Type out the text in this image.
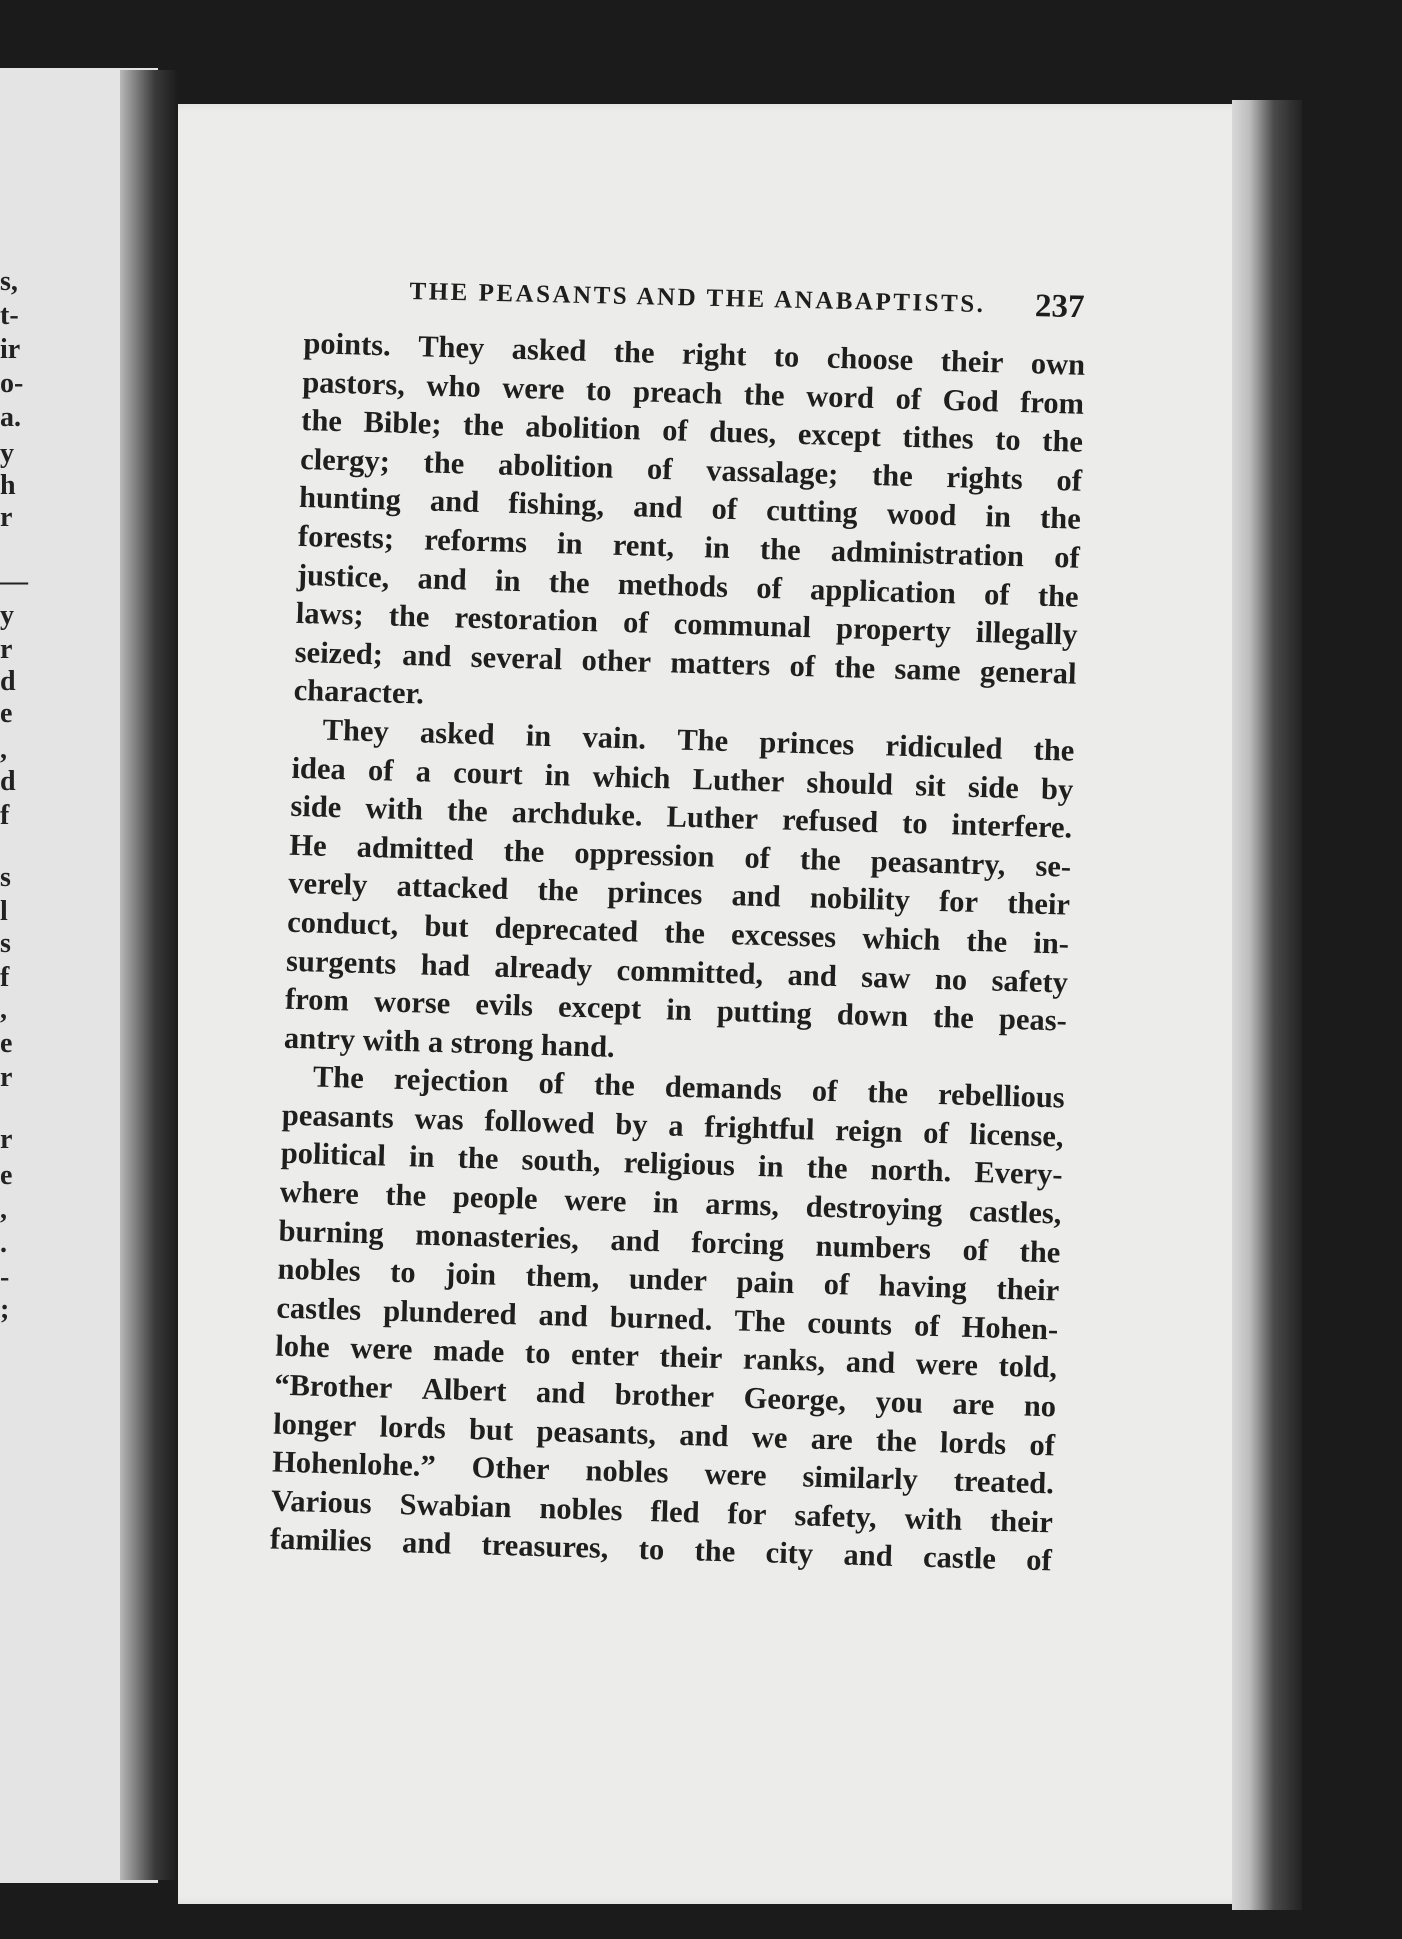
s,
t-
ir
o-
a.
y
h
r
—
y
r
d
e
,
d
f
s
l
s
f
,
e
r
r
e
,
.
-
;
THE PEASANTS AND THE ANABAPTISTS. 237
points. They asked the right to choose their own
pastors, who were to preach the word of God from
the Bible; the abolition of dues, except tithes to the
clergy; the abolition of vassalage; the rights of
hunting and fishing, and of cutting wood in the
forests; reforms in rent, in the administration of
justice, and in the methods of application of the
laws; the restoration of communal property illegally
seized; and several other matters of the same general
character.
They asked in vain. The princes ridiculed the
idea of a court in which Luther should sit side by
side with the archduke. Luther refused to interfere.
He admitted the oppression of the peasantry, se-
verely attacked the princes and nobility for their
conduct, but deprecated the excesses which the in-
surgents had already committed, and saw no safety
from worse evils except in putting down the peas-
antry with a strong hand.
The rejection of the demands of the rebellious
peasants was followed by a frightful reign of license,
political in the south, religious in the north. Every-
where the people were in arms, destroying castles,
burning monasteries, and forcing numbers of the
nobles to join them, under pain of having their
castles plundered and burned. The counts of Hohen-
lohe were made to enter their ranks, and were told,
“Brother Albert and brother George, you are no
longer lords but peasants, and we are the lords of
Hohenlohe.” Other nobles were similarly treated.
Various Swabian nobles fled for safety, with their
families and treasures, to the city and castle of
